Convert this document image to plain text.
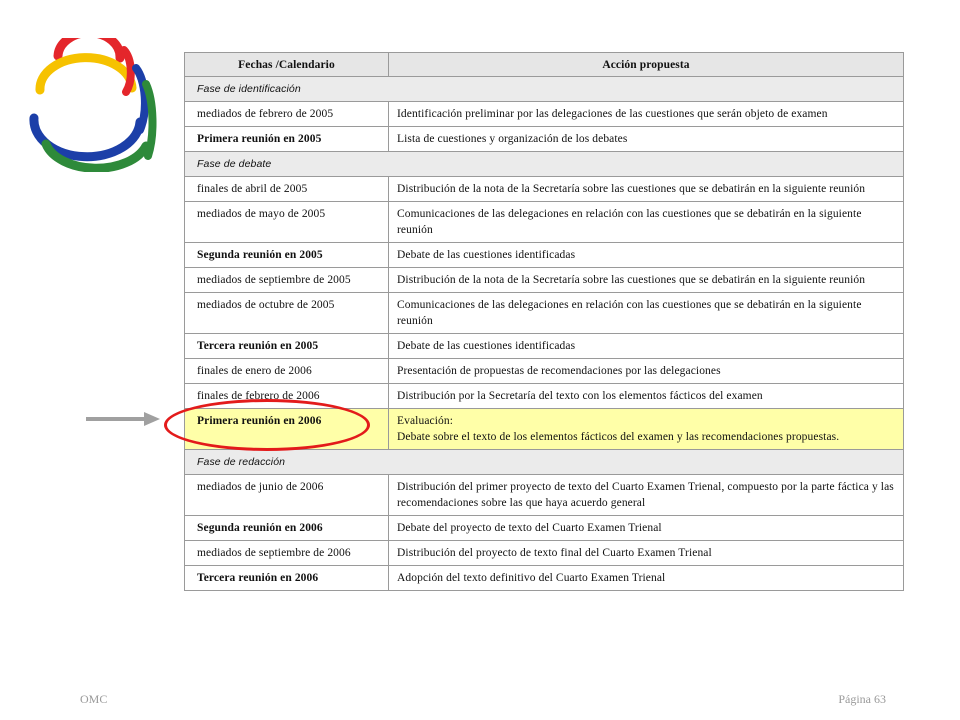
Fechas /Calendario	Acción propuesta
Fase de identificación	
mediados de febrero de 2005	Identificación preliminar por las delegaciones de las cuestiones que serán objeto de examen
Primera reunión en 2005	Lista de cuestiones y organización de los debates
Fase de debate	
finales de abril de 2005	Distribución de la nota de la Secretaría sobre las cuestiones que se debatirán en la siguiente reunión
mediados de mayo de 2005	Comunicaciones de las delegaciones en relación con las cuestiones que se debatirán en la siguiente reunión
Segunda reunión en 2005	Debate de las cuestiones identificadas
mediados de septiembre de 2005	Distribución de la nota de la Secretaría sobre las cuestiones que se debatirán en la siguiente reunión
mediados de octubre de 2005	Comunicaciones de las delegaciones en relación con las cuestiones que se debatirán en la siguiente reunión
Tercera reunión en 2005	Debate de las cuestiones identificadas
finales de enero de 2006	Presentación de propuestas de recomendaciones por las delegaciones
finales de febrero de 2006	Distribución por la Secretaría del texto con los elementos fácticos del examen
Primera reunión en 2006	Evaluación:
Debate sobre el texto de los elementos fácticos del examen y las recomendaciones propuestas.

Fase de redacción	
mediados de junio de 2006	Distribución del primer proyecto de texto del Cuarto Examen Trienal, compuesto por la parte fáctica y las recomendaciones sobre las que haya acuerdo general
Segunda reunión en 2006	Debate del proyecto de texto del Cuarto Examen Trienal
mediados de septiembre de 2006	Distribución del proyecto de texto final del Cuarto Examen Trienal
Tercera reunión en 2006	Adopción del texto definitivo del Cuarto Examen Trienal
OMC	Página 63
